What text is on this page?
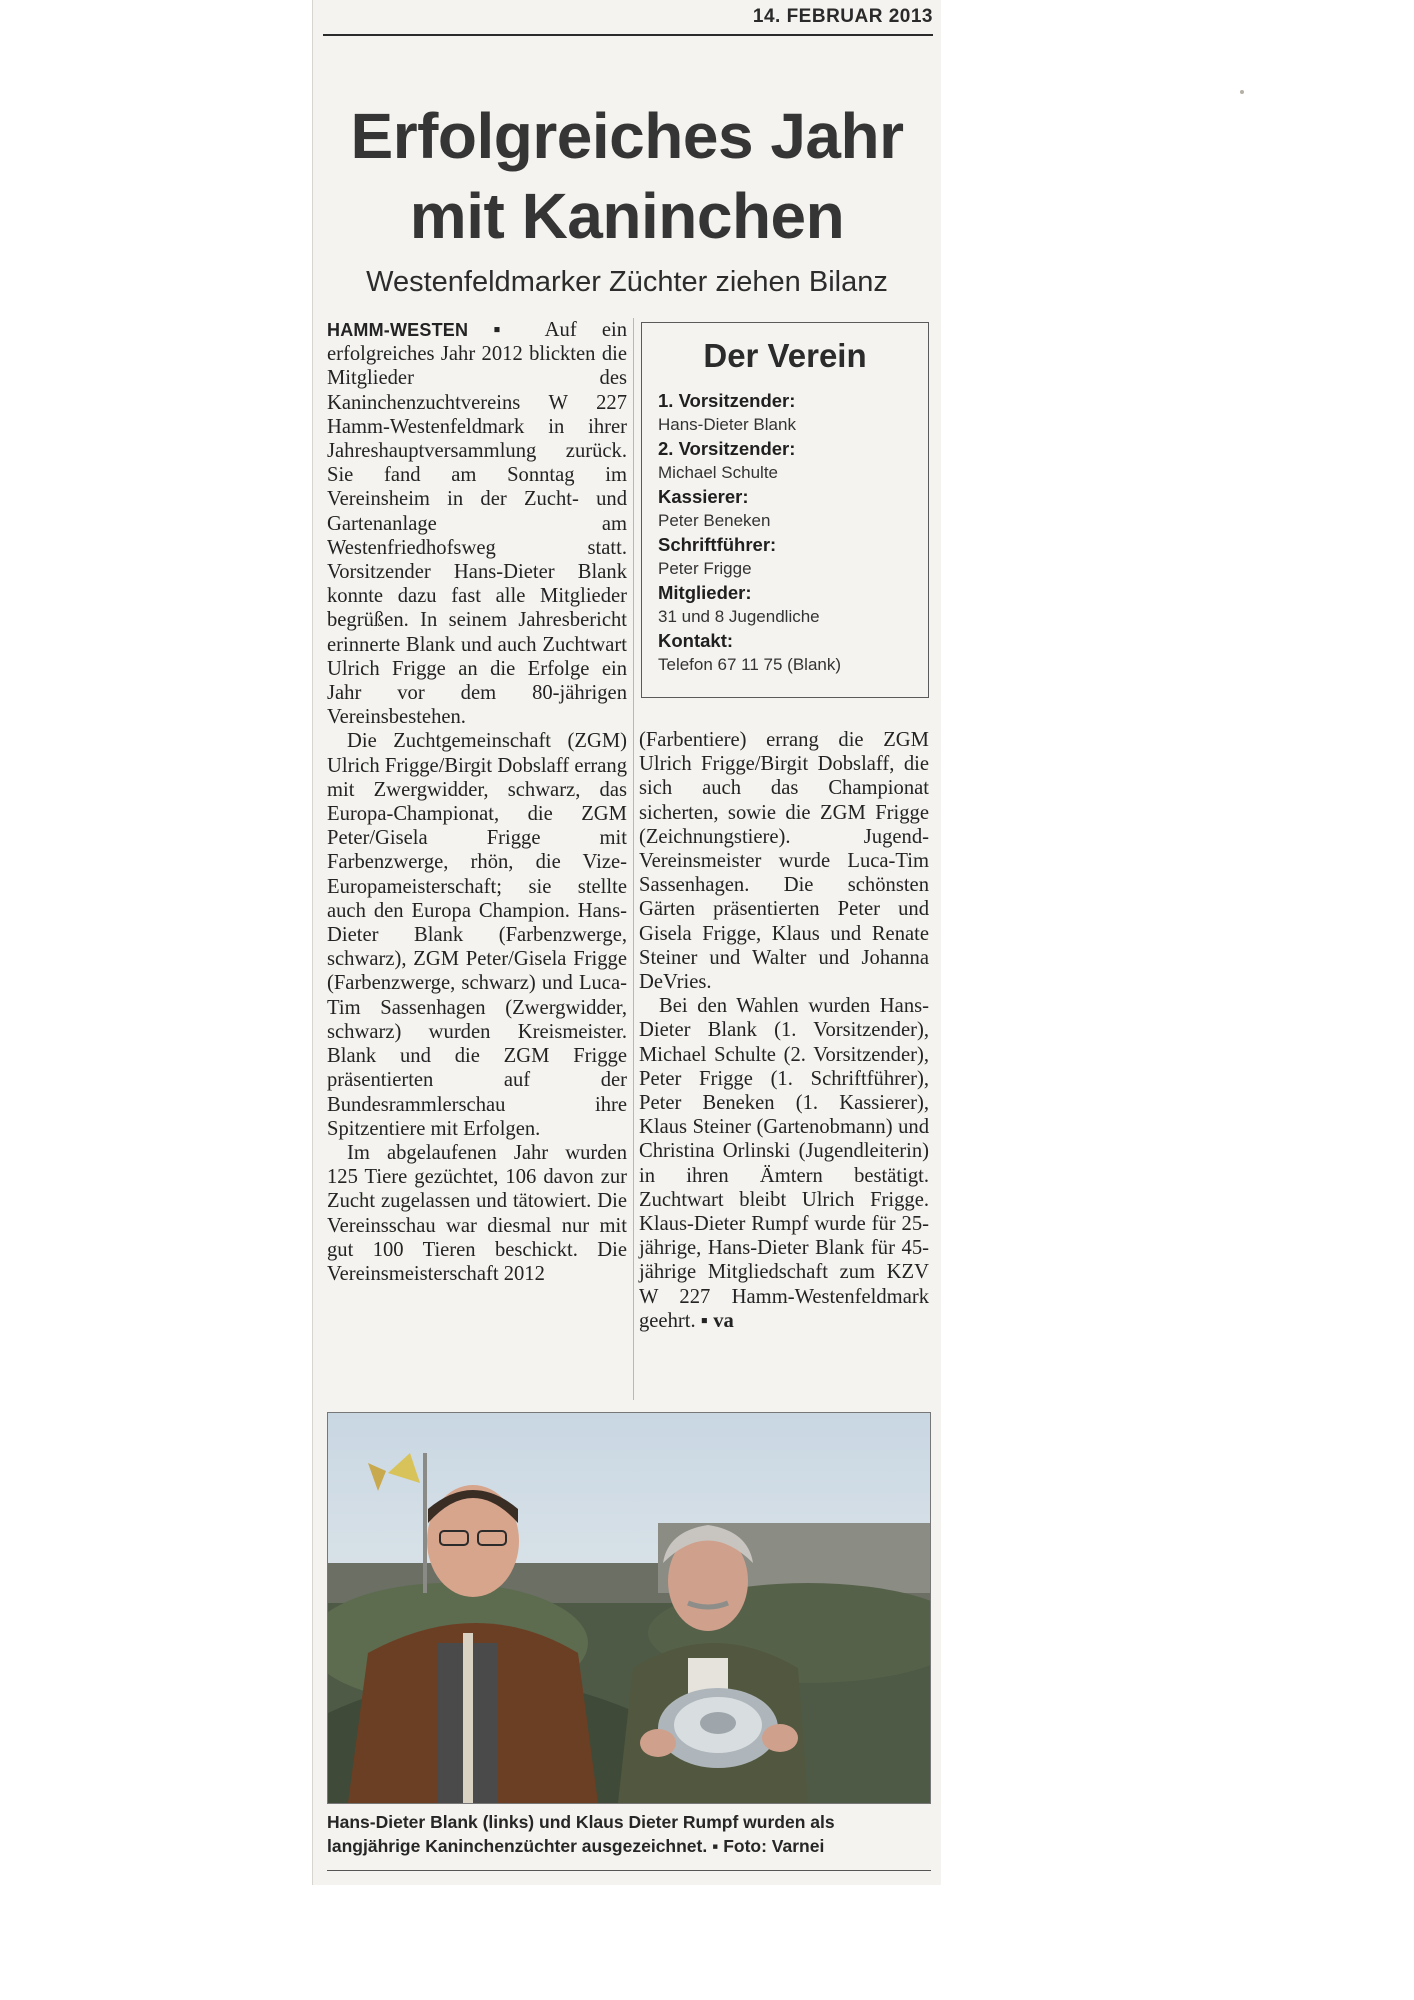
14. FEBRUAR 2013
Erfolgreiches Jahr
mit Kaninchen
Westenfeldmarker Züchter ziehen Bilanz

HAMM-WESTEN ▪ Auf ein erfolgreiches Jahr 2012 blickten die Mitglieder des Kaninchenzuchtvereins W 227 Hamm-Westenfeldmark in ihrer Jahreshauptversammlung zurück. Sie fand am Sonntag im Vereinsheim in der Zucht- und Gartenanlage am Westenfriedhofsweg statt. Vorsitzender Hans-Dieter Blank konnte dazu fast alle Mitglieder begrüßen. In seinem Jahresbericht erinnerte Blank und auch Zuchtwart Ulrich Frigge an die Erfolge ein Jahr vor dem 80-jährigen Vereinsbestehen.

Die Zuchtgemeinschaft (ZGM) Ulrich Frigge/Birgit Dobslaff errang mit Zwergwidder, schwarz, das Europa-Championat, die ZGM Peter/Gisela Frigge mit Farbenzwerge, rhön, die Vize-Europameisterschaft; sie stellte auch den Europa Champion. Hans-Dieter Blank (Farbenzwerge, schwarz), ZGM Peter/Gisela Frigge (Farbenzwerge, schwarz) und Luca-Tim Sassenhagen (Zwergwidder, schwarz) wurden Kreismeister. Blank und die ZGM Frigge präsentierten auf der Bundesrammlerschau ihre Spitzentiere mit Erfolgen.

Im abgelaufenen Jahr wurden 125 Tiere gezüchtet, 106 davon zur Zucht zugelassen und tätowiert. Die Vereinsschau war diesmal nur mit gut 100 Tieren beschickt. Die Vereinsmeisterschaft 2012

Der Verein
1. Vorsitzender:
Hans-Dieter Blank
2. Vorsitzender:
Michael Schulte
Kassierer:
Peter Beneken
Schriftführer:
Peter Frigge
Mitglieder:
31 und 8 Jugendliche
Kontakt:
Telefon 67 11 75 (Blank)

(Farbentiere) errang die ZGM Ulrich Frigge/Birgit Dobslaff, die sich auch das Championat sicherten, sowie die ZGM Frigge (Zeichnungstiere). Jugend-Vereinsmeister wurde Luca-Tim Sassenhagen. Die schönsten Gärten präsentierten Peter und Gisela Frigge, Klaus und Renate Steiner und Walter und Johanna DeVries.

Bei den Wahlen wurden Hans-Dieter Blank (1. Vorsitzender), Michael Schulte (2. Vorsitzender), Peter Frigge (1. Schriftführer), Peter Beneken (1. Kassierer), Klaus Steiner (Gartenobmann) und Christina Orlinski (Jugendleiterin) in ihren Ämtern bestätigt. Zuchtwart bleibt Ulrich Frigge. Klaus-Dieter Rumpf wurde für 25-jährige, Hans-Dieter Blank für 45-jährige Mitgliedschaft zum KZV W 227 Hamm-Westenfeldmark geehrt. ▪ va

Hans-Dieter Blank (links) und Klaus Dieter Rumpf wurden als langjährige Kaninchenzüchter ausgezeichnet. ▪ Foto: Varnei
